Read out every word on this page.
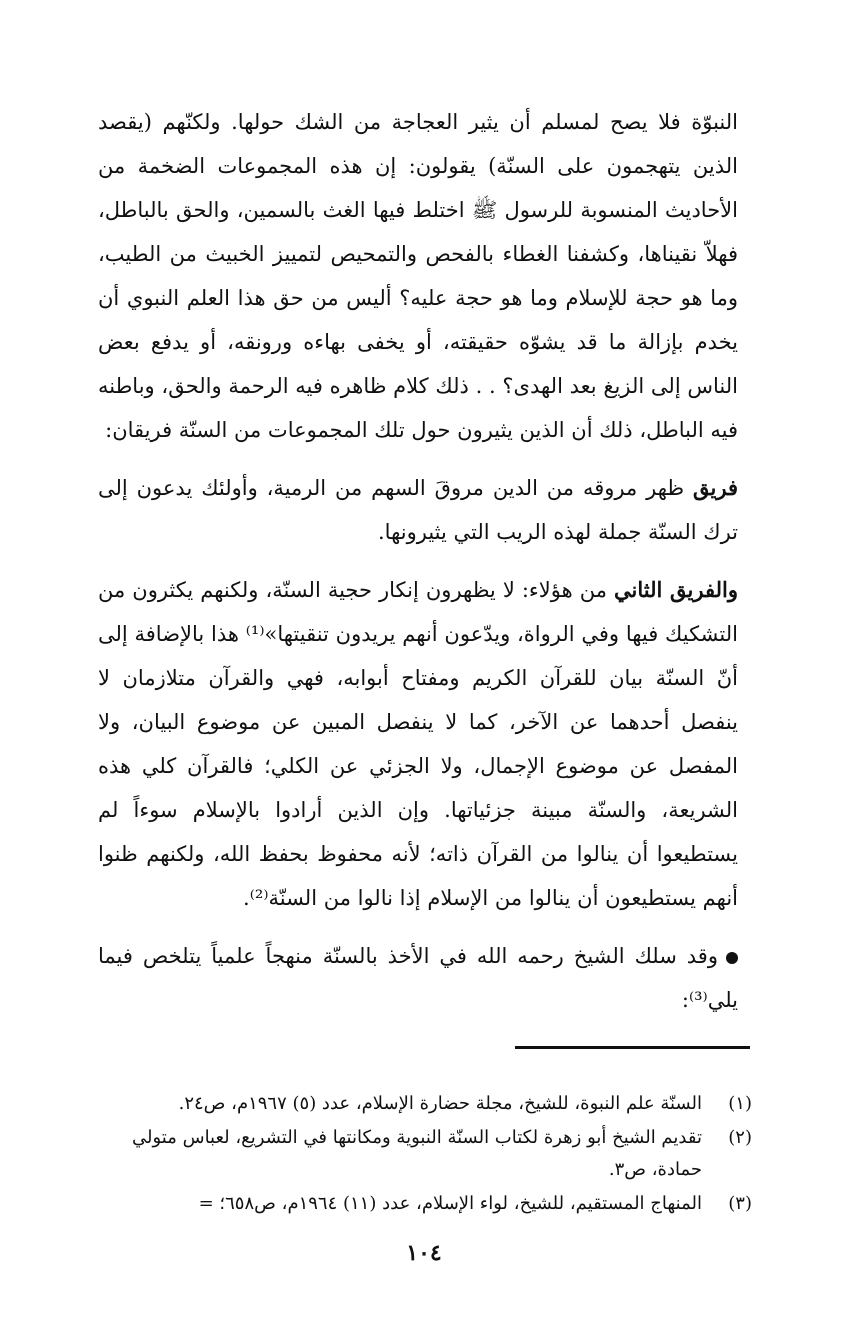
النبوّة فلا يصح لمسلم أن يثير العجاجة من الشك حولها. ولكنّهم (يقصد الذين يتهجمون على السنّة) يقولون: إن هذه المجموعات الضخمة من الأحاديث المنسوبة للرسول ﷺ اختلط فيها الغث بالسمين، والحق بالباطل، فهلاّ نقيناها، وكشفنا الغطاء بالفحص والتمحيص لتمييز الخبيث من الطيب، وما هو حجة للإسلام وما هو حجة عليه؟ أليس من حق هذا العلم النبوي أن يخدم بإزالة ما قد يشوّه حقيقته، أو يخفى بهاءه ورونقه، أو يدفع بعض الناس إلى الزيغ بعد الهدى؟ . . ذلك كلام ظاهره فيه الرحمة والحق، وباطنه فيه الباطل، ذلك أن الذين يثيرون حول تلك المجموعات من السنّة فريقان:

فريق ظهر مروقه من الدين مروقَ السهم من الرمية، وأولئك يدعون إلى ترك السنّة جملة لهذه الريب التي يثيرونها.

والفريق الثاني من هؤلاء: لا يظهرون إنكار حجية السنّة، ولكنهم يكثرون من التشكيك فيها وفي الرواة، ويدّعون أنهم يريدون تنقيتها»⁽¹⁾ هذا بالإضافة إلى أنّ السنّة بيان للقرآن الكريم ومفتاح أبوابه، فهي والقرآن متلازمان لا ينفصل أحدهما عن الآخر، كما لا ينفصل المبين عن موضوع البيان، ولا المفصل عن موضوع الإجمال، ولا الجزئي عن الكلي؛ فالقرآن كلي هذه الشريعة، والسنّة مبينة جزئياتها. وإن الذين أرادوا بالإسلام سوءاً لم يستطيعوا أن ينالوا من القرآن ذاته؛ لأنه محفوظ بحفظ الله، ولكنهم ظنوا أنهم يستطيعون أن ينالوا من الإسلام إذا نالوا من السنّة⁽²⁾.

وقد سلك الشيخ رحمه الله في الأخذ بالسنّة منهجاً علمياً يتلخص فيما يلي⁽³⁾:

(١)
السنّة علم النبوة، للشيخ، مجلة حضارة الإسلام، عدد (٥) ١٩٦٧م، ص٢٤.
(٢)
تقديم الشيخ أبو زهرة لكتاب السنّة النبوية ومكانتها في التشريع، لعباس متولي حمادة، ص٣.
(٣)
المنهاج المستقيم، للشيخ، لواء الإسلام، عدد (١١) ١٩٦٤م، ص٦٥٨؛ =
١٠٤
